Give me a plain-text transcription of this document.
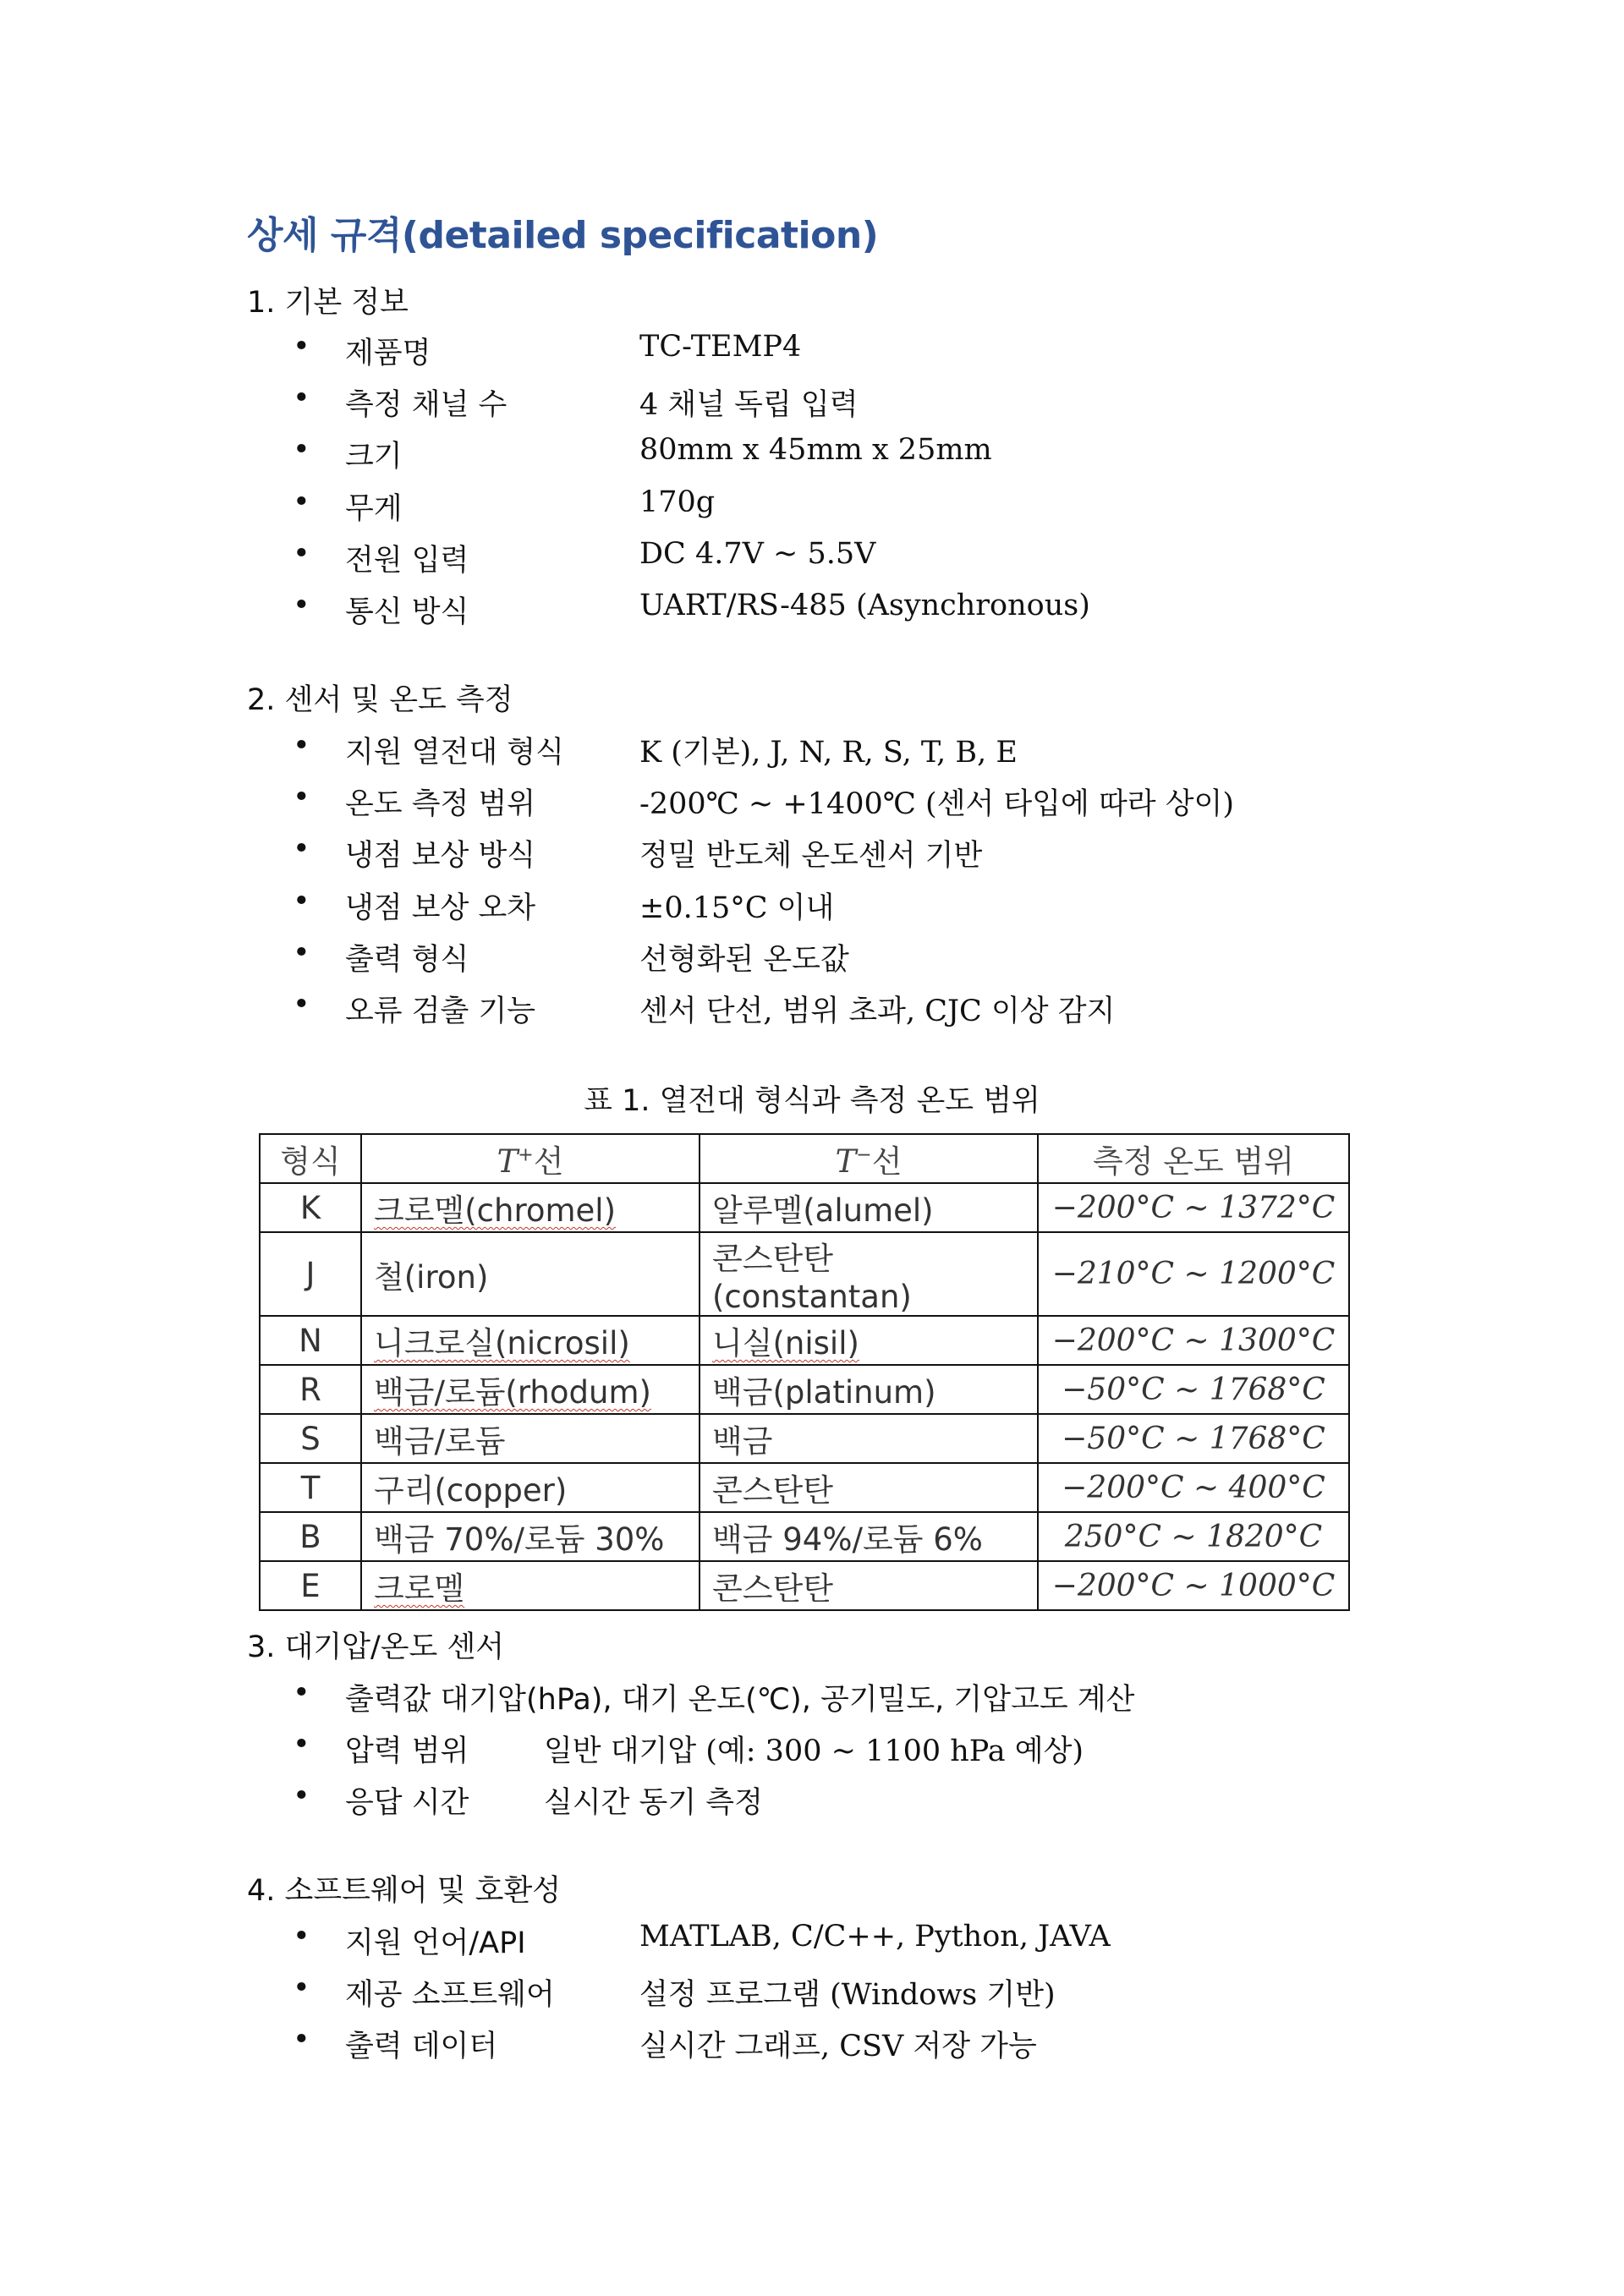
상세 규격(detailed specification)
1. 기본 정보
• 제품명	TC-TEMP4
• 측정 채널 수	4 채널 독립 입력
• 크기	80mm x 45mm x 25mm
• 무게	170g
• 전원 입력	DC 4.7V ~ 5.5V
• 통신 방식	UART/RS-485 (Asynchronous)
2. 센서 및 온도 측정
• 지원 열전대 형식	K (기본), J, N, R, S, T, B, E
• 온도 측정 범위	-200℃ ~ +1400℃ (센서 타입에 따라 상이)
• 냉점 보상 방식	정밀 반도체 온도센서 기반
• 냉점 보상 오차	±0.15°C 이내
• 출력 형식	선형화된 온도값
• 오류 검출 기능	센서 단선, 범위 초과, CJC 이상 감지
표 1. 열전대 형식과 측정 온도 범위
형식	T+선	T−선	측정 온도 범위
K	크로멜(chromel)	알루멜(alumel)	−200°C ~ 1372°C
J	철(iron)	콘스탄탄(constantan)	−210°C ~ 1200°C
N	니크로실(nicrosil)	니실(nisil)	−200°C ~ 1300°C
R	백금/로듐(rhodum)	백금(platinum)	−50°C ~ 1768°C
S	백금/로듐	백금	−50°C ~ 1768°C
T	구리(copper)	콘스탄탄	−200°C ~ 400°C
B	백금 70%/로듐 30%	백금 94%/로듐 6%	250°C ~ 1820°C
E	크로멜	콘스탄탄	−200°C ~ 1000°C
3. 대기압/온도 센서
• 출력값 대기압(hPa), 대기 온도(℃), 공기밀도, 기압고도 계산
• 압력 범위	일반 대기압 (예: 300 ~ 1100 hPa 예상)
• 응답 시간	실시간 동기 측정
4. 소프트웨어 및 호환성
• 지원 언어/API	MATLAB, C/C++, Python, JAVA
• 제공 소프트웨어	설정 프로그램 (Windows 기반)
• 출력 데이터	실시간 그래프, CSV 저장 가능
